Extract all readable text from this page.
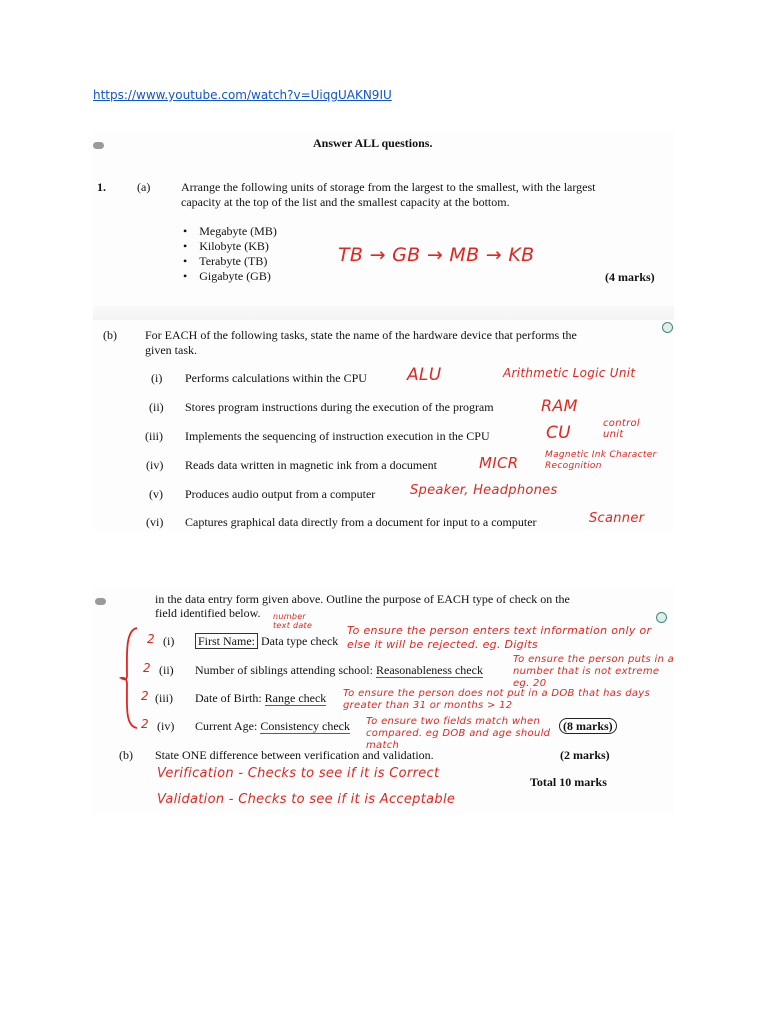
https://www.youtube.com/watch?v=UiqgUAKN9IU
Answer ALL questions.
1.	(a)	Arrange the following units of storage from the largest to the smallest, with the largest
capacity at the top of the list and the smallest capacity at the bottom.
•    Megabyte (MB)
•    Kilobyte (KB)
•    Terabyte (TB)
•    Gigabyte (GB)
TB → GB → MB → KB
(4 marks)
(b) For EACH of the following tasks, state the name of the hardware device that performs the
given task.
(i) Performs calculations within the CPU ALU	Arithmetic Logic Unit
(ii) Stores program instructions during the execution of the program	RAM
(iii) Implements the sequencing of instruction execution in the CPU	CU	control unit
(iv) Reads data written in magnetic ink from a document	MICR	Magnetic Ink Character Recognition
(v) Produces audio output from a computer	Speaker, Headphones
(vi) Captures graphical data directly from a document for input to a computer	Scanner
in the data entry form given above. Outline the purpose of EACH type of check on the
field identified below.
2 (i) First Name: Data type check
number text date	To ensure the person enters text information only or else it will be rejected. eg. Digits
2 (ii) Number of siblings attending school: Reasonableness check
To ensure the person puts in a number that is not extreme eg. 20
2 (iii) Date of Birth: Range check To ensure the person does not put in a DOB that has days greater than 31 or months > 12
2 (iv) Current Age: Consistency check To ensure two fields match when compared. eg DOB and age should match
(8 marks)
(b) State ONE difference between verification and validation.	(2 marks)
Verification - Checks to see if it is Correct
Total 10 marks
Validation - Checks to see if it is Acceptable
